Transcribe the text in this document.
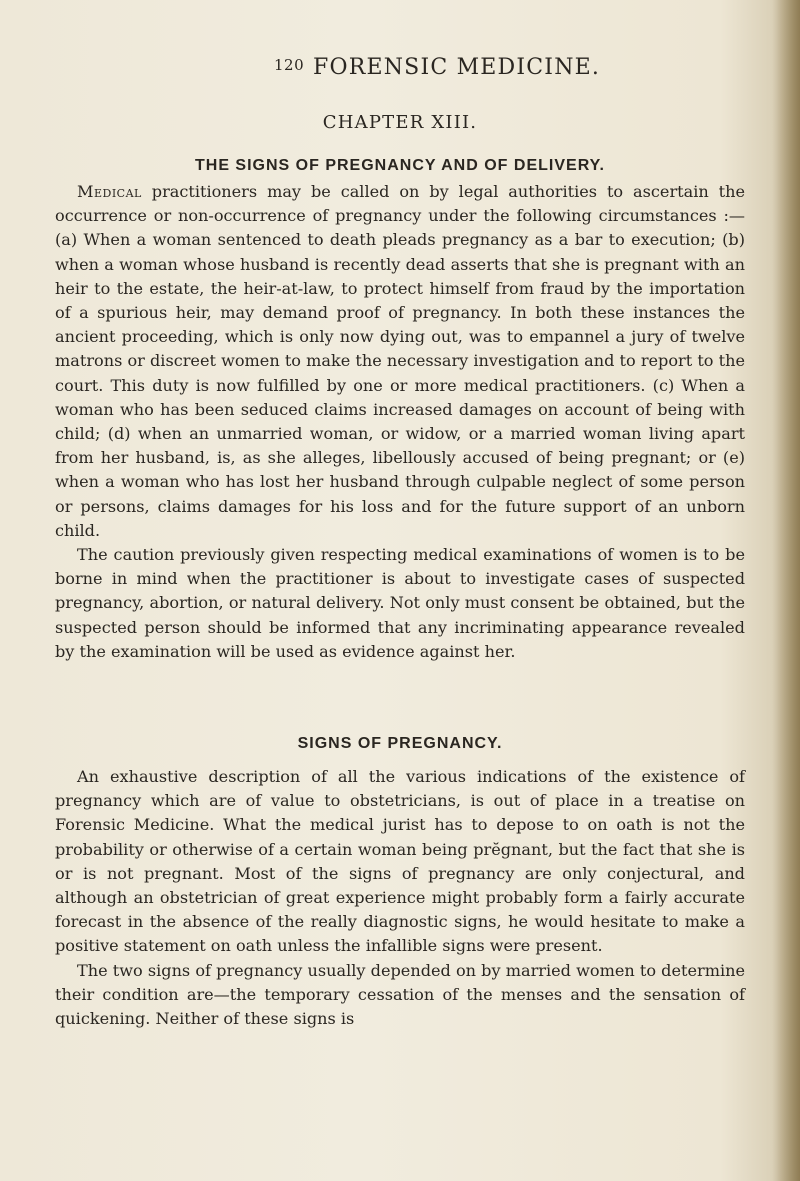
120 FORENSIC MEDICINE.
CHAPTER XIII.
THE SIGNS OF PREGNANCY AND OF DELIVERY.

Medical practitioners may be called on by legal authorities to ascertain the occurrence or non-occurrence of pregnancy under the following circumstances :—(a) When a woman sentenced to death pleads pregnancy as a bar to execution; (b) when a woman whose husband is recently dead asserts that she is pregnant with an heir to the estate, the heir-at-law, to protect himself from fraud by the importation of a spurious heir, may demand proof of pregnancy. In both these instances the ancient proceeding, which is only now dying out, was to empannel a jury of twelve matrons or discreet women to make the necessary investigation and to report to the court. This duty is now fulfilled by one or more medical practitioners. (c) When a woman who has been seduced claims increased damages on account of being with child; (d) when an unmarried woman, or widow, or a married woman living apart from her husband, is, as she alleges, libellously accused of being pregnant; or (e) when a woman who has lost her husband through culpable neglect of some person or persons, claims damages for his loss and for the future support of an unborn child.

The caution previously given respecting medical examinations of women is to be borne in mind when the practitioner is about to investigate cases of suspected pregnancy, abortion, or natural delivery. Not only must consent be obtained, but the suspected person should be informed that any incriminating appearance revealed by the examination will be used as evidence against her.

SIGNS OF PREGNANCY.

An exhaustive description of all the various indications of the existence of pregnancy which are of value to obstetricians, is out of place in a treatise on Forensic Medicine. What the medical jurist has to depose to on oath is not the probability or otherwise of a certain woman being prĕgnant, but the fact that she is or is not pregnant. Most of the signs of pregnancy are only conjectural, and although an obstetrician of great experience might probably form a fairly accurate forecast in the absence of the really diagnostic signs, he would hesitate to make a positive statement on oath unless the infallible signs were present.

The two signs of pregnancy usually depended on by married women to determine their condition are—the temporary cessation of the menses and the sensation of quickening. Neither of these signs is
